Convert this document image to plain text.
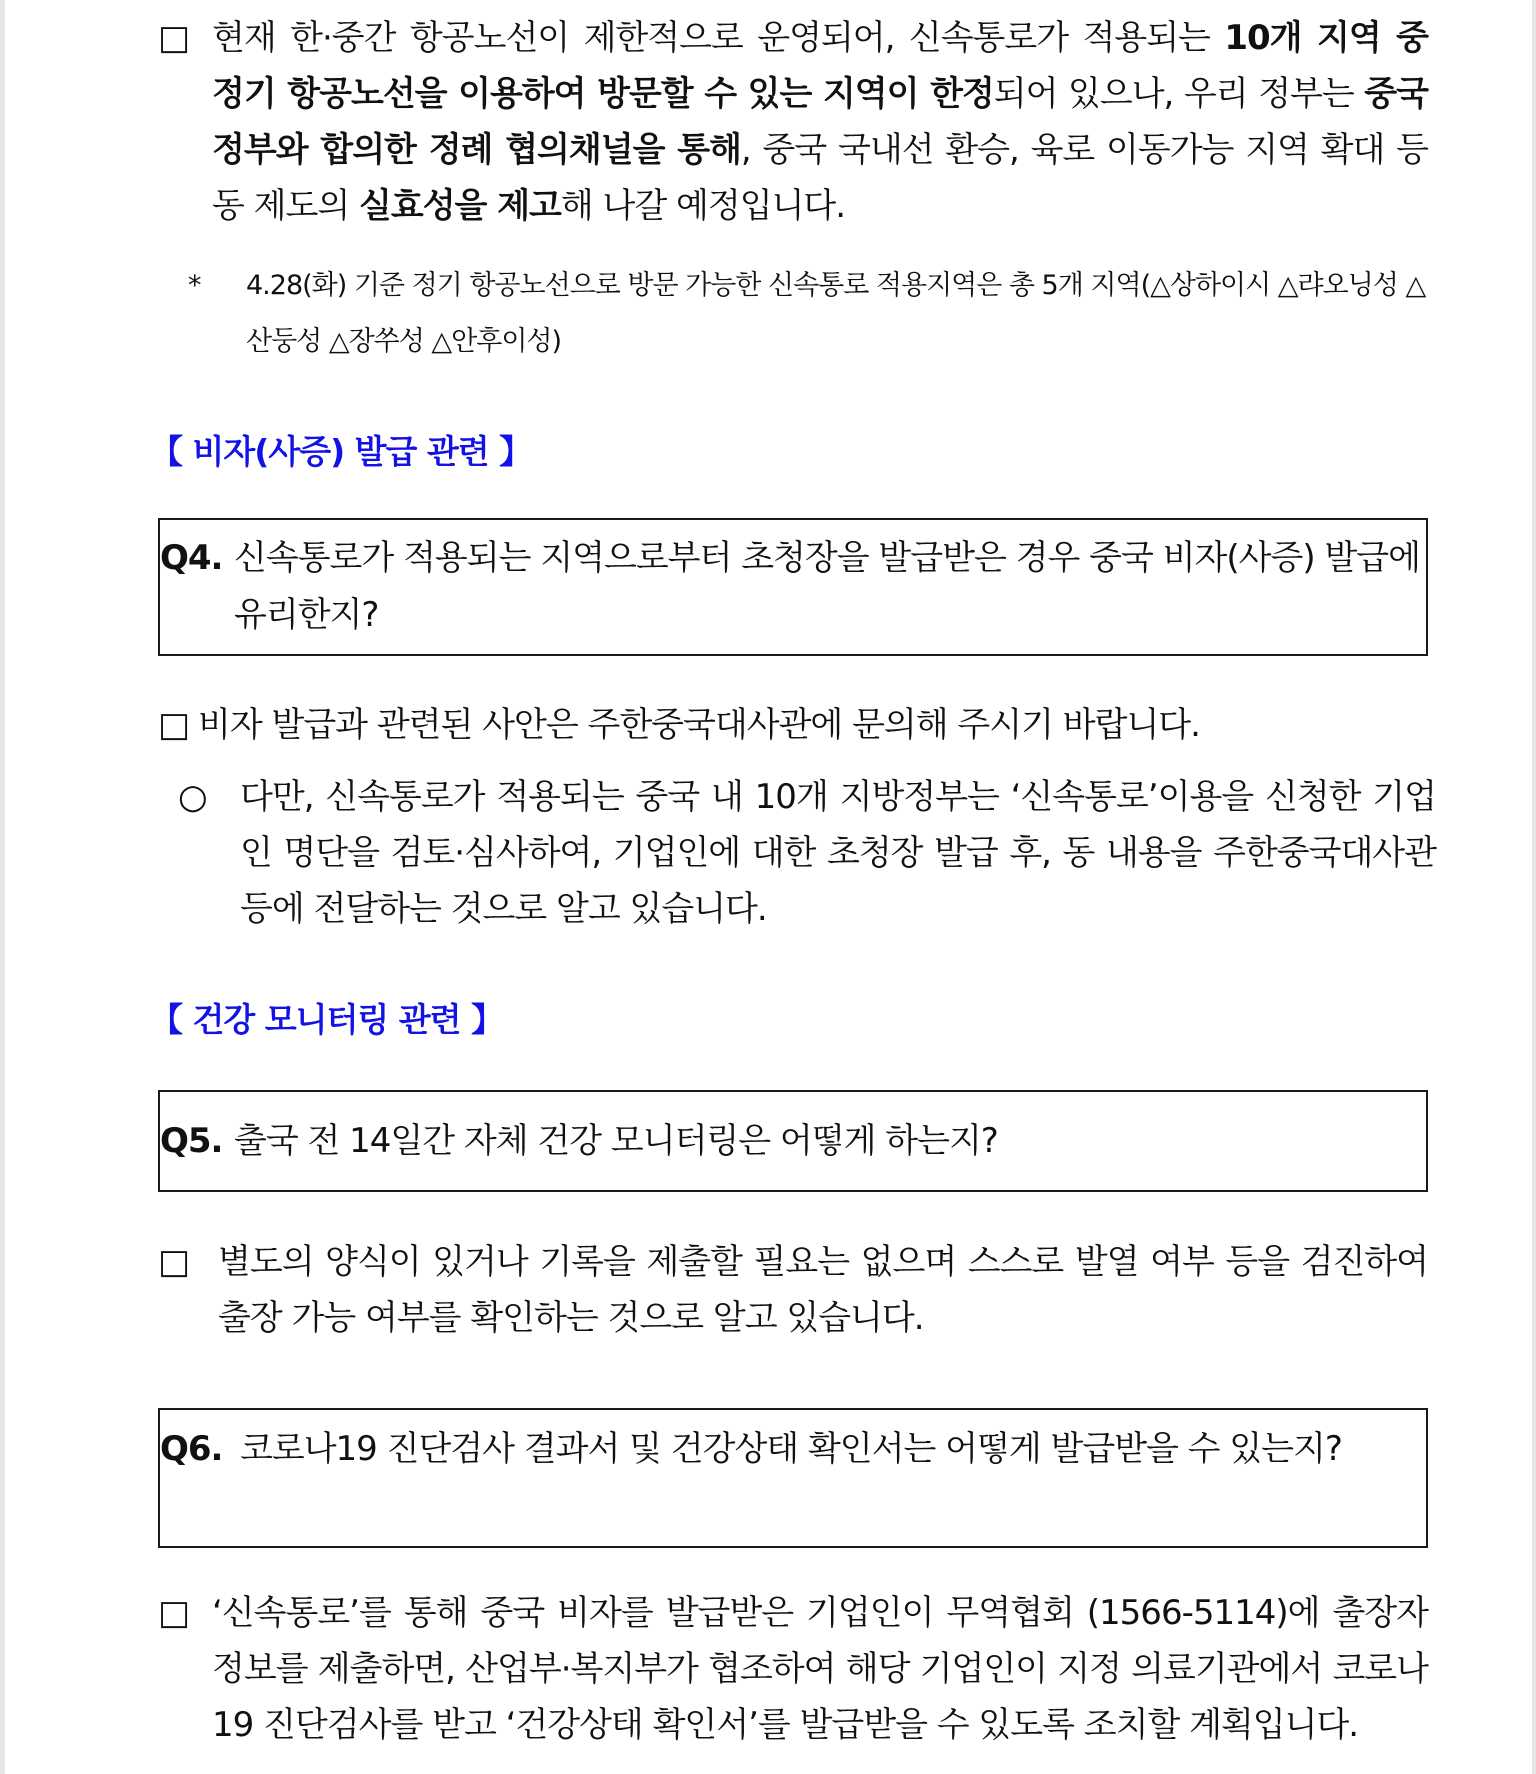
□ 현재 한·중간 항공노선이 제한적으로 운영되어, 신속통로가 적용되는 10개 지역 중 정기 항공노선을 이용하여 방문할 수 있는 지역이 한정되어 있으나, 우리 정부는 중국 정부와 합의한 정례 협의채널을 통해, 중국 국내선 환승, 육로 이동가능 지역 확대 등 동 제도의 실효성을 제고해 나갈 예정입니다.
* 4.28(화) 기준 정기 항공노선으로 방문 가능한 신속통로 적용지역은 총 5개 지역(△상하이시 △랴오닝성 △산둥성 △장쑤성 △안후이성)
【 비자(사증) 발급 관련 】
Q4. 신속통로가 적용되는 지역으로부터 초청장을 발급받은 경우 중국 비자(사증) 발급에 유리한지?
□ 비자 발급과 관련된 사안은 주한중국대사관에 문의해 주시기 바랍니다.
○ 다만, 신속통로가 적용되는 중국 내 10개 지방정부는 ‘신속통로’이용을 신청한 기업인 명단을 검토·심사하여, 기업인에 대한 초청장 발급 후, 동 내용을 주한중국대사관 등에 전달하는 것으로 알고 있습니다.
【 건강 모니터링 관련 】
Q5. 출국 전 14일간 자체 건강 모니터링은 어떻게 하는지?
□ 별도의 양식이 있거나 기록을 제출할 필요는 없으며 스스로 발열 여부 등을 검진하여 출장 가능 여부를 확인하는 것으로 알고 있습니다.
Q6. 코로나19 진단검사 결과서 및 건강상태 확인서는 어떻게 발급받을 수 있는지?
□ ‘신속통로’를 통해 중국 비자를 발급받은 기업인이 무역협회 (1566-5114)에 출장자 정보를 제출하면, 산업부·복지부가 협조하여 해당 기업인이 지정 의료기관에서 코로나19 진단검사를 받고 ‘건강상태 확인서’를 발급받을 수 있도록 조치할 계획입니다.
